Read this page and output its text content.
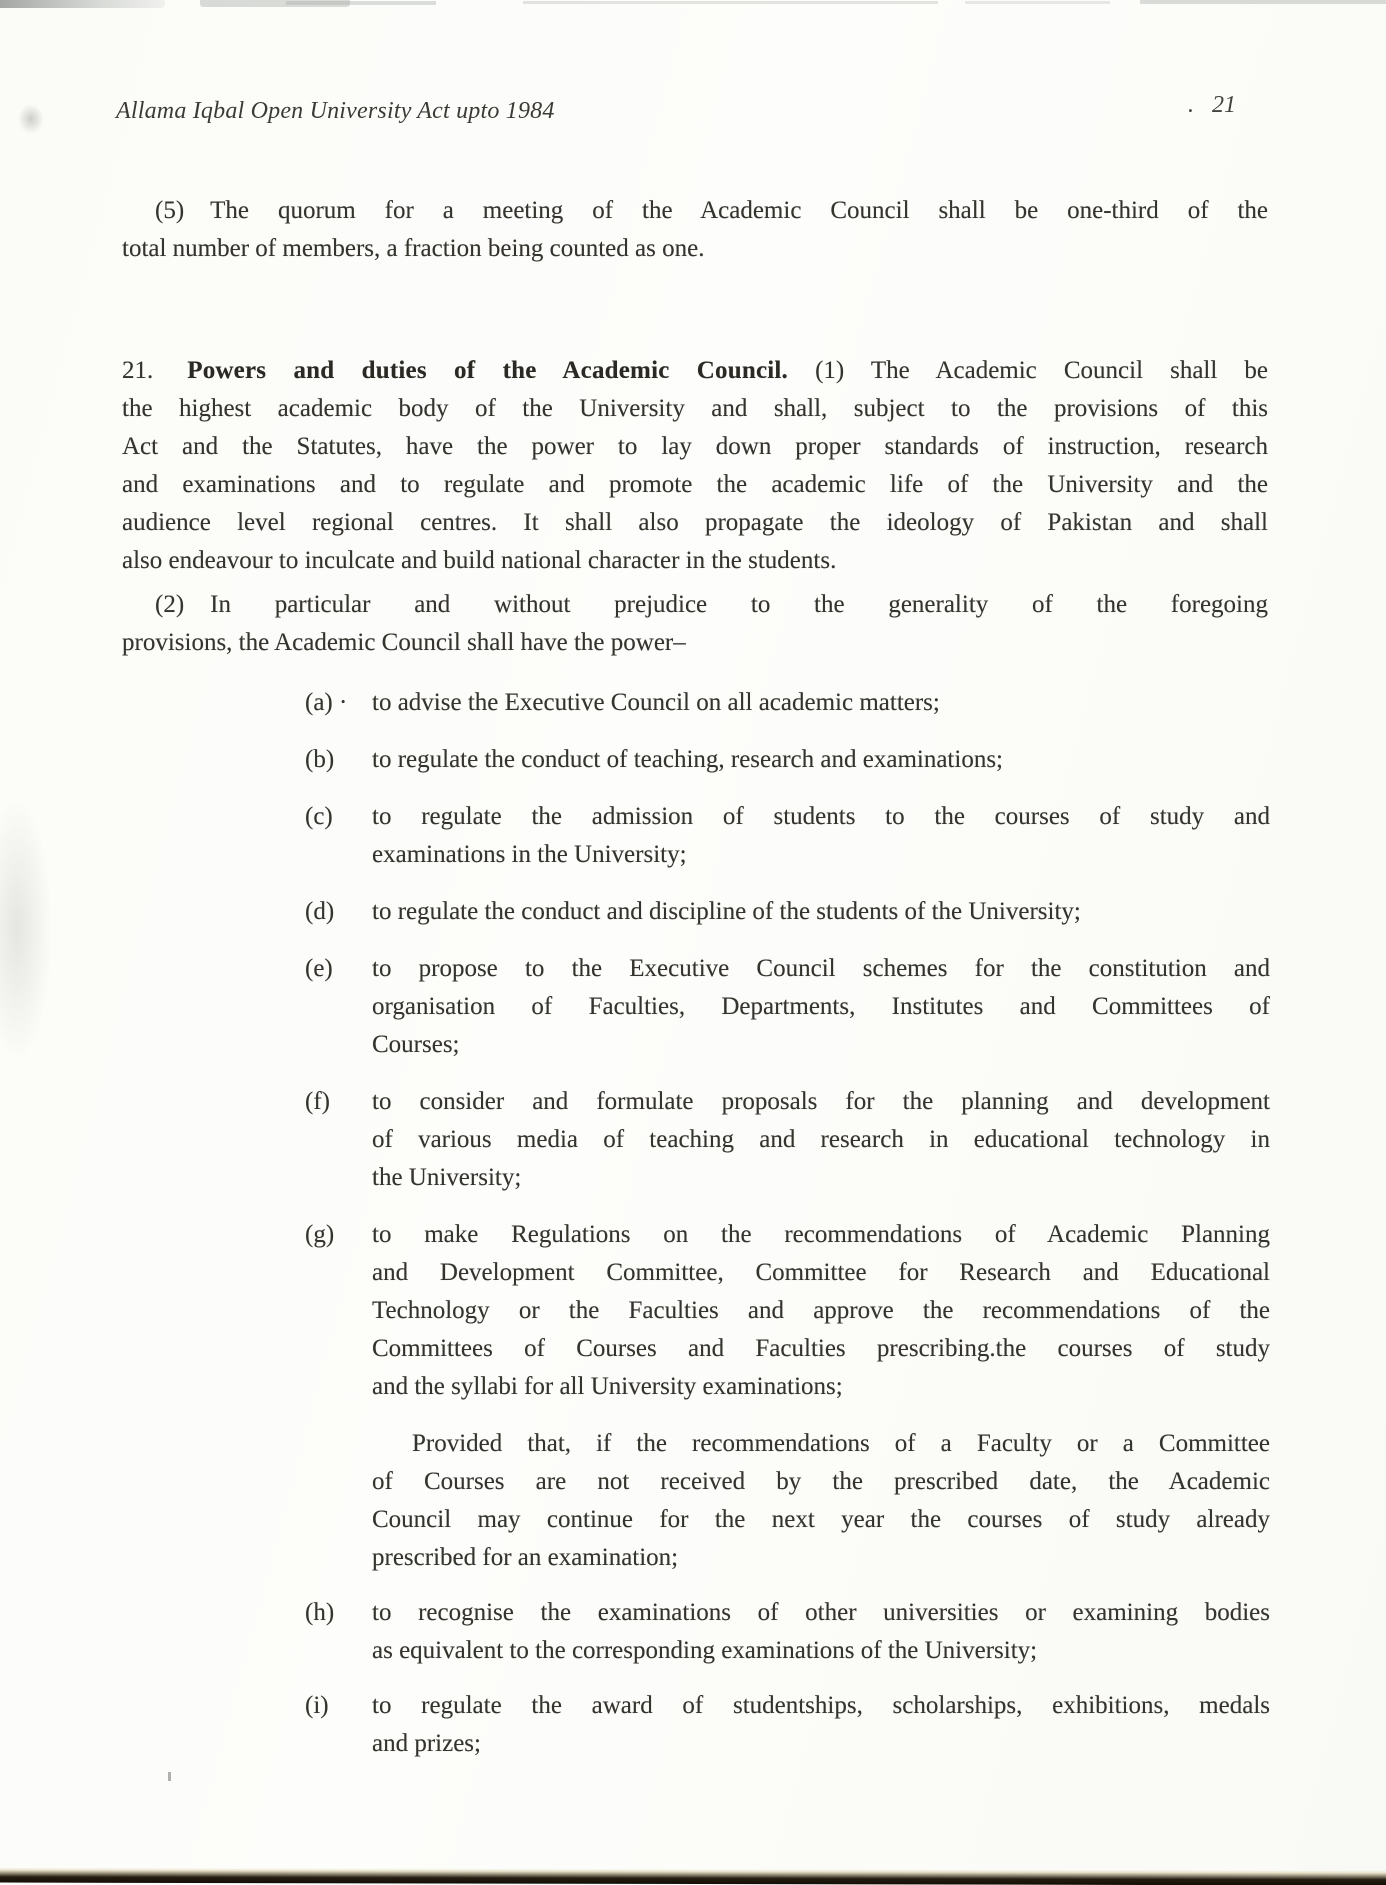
Allama Iqbal Open University Act upto 1984	.   21
(5) The quorum for a meeting of the Academic Council shall be one-third of the
total number of members, a fraction being counted as one.
21. Powers and duties of the Academic Council. (1) The Academic Council shall be
the highest academic body of the University and shall, subject to the provisions of this
Act and the Statutes, have the power to lay down proper standards of instruction, research
and examinations and to regulate and promote the academic life of the University and the
audience level regional centres. It shall also propagate the ideology of Pakistan and shall
also endeavour to inculcate and build national character in the students.
(2) In particular and without prejudice to the generality of the foregoing
provisions, the Academic Council shall have the power–
(a) · to advise the Executive Council on all academic matters;
(b)	to regulate the conduct of teaching, research and examinations;
(c)	to regulate the admission of students to the courses of study and
examinations in the University;
(d)	to regulate the conduct and discipline of the students of the University;
(e)	to propose to the Executive Council schemes for the constitution and
organisation of Faculties, Departments, Institutes and Committees of
Courses;
(f)	to consider and formulate proposals for the planning and development
of various media of teaching and research in educational technology in
the University;
(g)	to make Regulations on the recommendations of Academic Planning
and Development Committee, Committee for Research and Educational
Technology or the Faculties and approve the recommendations of the
Committees of Courses and Faculties prescribing.the courses of study
and the syllabi for all University examinations;
Provided that, if the recommendations of a Faculty or a Committee
of Courses are not received by the prescribed date, the Academic
Council may continue for the next year the courses of study already
prescribed for an examination;
(h)	to recognise the examinations of other universities or examining bodies
as equivalent to the corresponding examinations of the University;
(i)	to regulate the award of studentships, scholarships, exhibitions, medals
and prizes;
